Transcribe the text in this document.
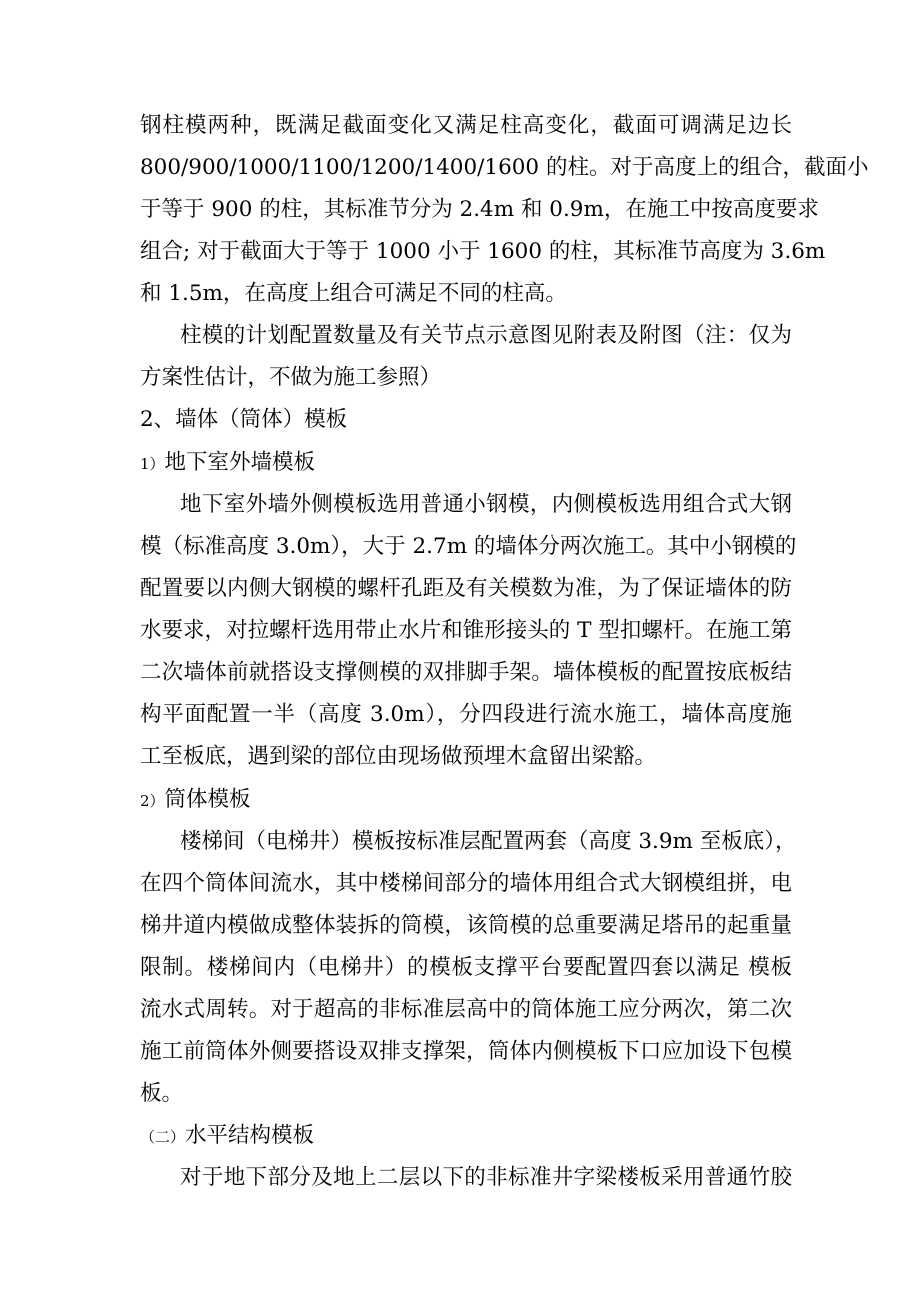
钢柱模两种，既满足截面变化又满足柱高变化，截面可调满足边长
800/900/1000/1100/1200/1400/1600 的柱。对于高度上的组合，截面小
于等于 900 的柱，其标准节分为 2.4m 和 0.9m，在施工中按高度要求
组合; 对于截面大于等于 1000 小于 1600 的柱，其标准节高度为 3.6m
和 1.5m，在高度上组合可满足不同的柱高。
柱模的计划配置数量及有关节点示意图见附表及附图（注：仅为
方案性估计，不做为施工参照）
2、墙体（筒体）模板
1）地下室外墙模板
地下室外墙外侧模板选用普通小钢模，内侧模板选用组合式大钢
模（标准高度 3.0m），大于 2.7m 的墙体分两次施工。其中小钢模的
配置要以内侧大钢模的螺杆孔距及有关模数为准，为了保证墙体的防
水要求，对拉螺杆选用带止水片和锥形接头的 T 型扣螺杆。在施工第
二次墙体前就搭设支撑侧模的双排脚手架。墙体模板的配置按底板结
构平面配置一半（高度 3.0m），分四段进行流水施工，墙体高度施
工至板底，遇到梁的部位由现场做预埋木盒留出梁豁。
2）筒体模板
楼梯间（电梯井）模板按标准层配置两套（高度 3.9m 至板底），
在四个筒体间流水，其中楼梯间部分的墙体用组合式大钢模组拼，电
梯井道内模做成整体装拆的筒模，该筒模的总重要满足塔吊的起重量
限制。楼梯间内（电梯井）的模板支撑平台要配置四套以满足 模板
流水式周转。对于超高的非标准层高中的筒体施工应分两次，第二次
施工前筒体外侧要搭设双排支撑架，筒体内侧模板下口应加设下包模
板。
（二）水平结构模板
对于地下部分及地上二层以下的非标准井字梁楼板采用普通竹胶
